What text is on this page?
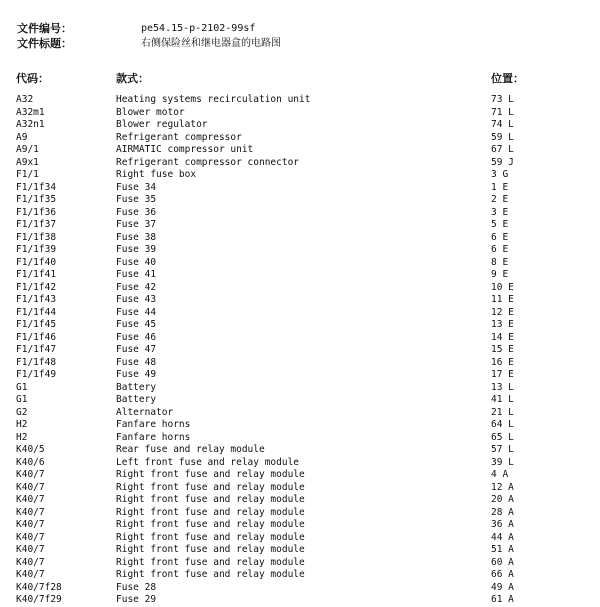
文件编号：	pe54.15-p-2102-99sf
文件标题：	右侧保险丝和继电器盒的电路图
代码：	款式：	位置：
A32	Heating systems recirculation unit	73 L
A32m1	Blower motor	71 L
A32n1	Blower regulator	74 L
A9	Refrigerant compressor	59 L
A9/1	AIRMATIC compressor unit	67 L
A9x1	Refrigerant compressor connector	59 J
F1/1	Right fuse box	3 G
F1/1f34	Fuse 34	1 E
F1/1f35	Fuse 35	2 E
F1/1f36	Fuse 36	3 E
F1/1f37	Fuse 37	5 E
F1/1f38	Fuse 38	6 E
F1/1f39	Fuse 39	6 E
F1/1f40	Fuse 40	8 E
F1/1f41	Fuse 41	9 E
F1/1f42	Fuse 42	10 E
F1/1f43	Fuse 43	11 E
F1/1f44	Fuse 44	12 E
F1/1f45	Fuse 45	13 E
F1/1f46	Fuse 46	14 E
F1/1f47	Fuse 47	15 E
F1/1f48	Fuse 48	16 E
F1/1f49	Fuse 49	17 E
G1	Battery	13 L
G1	Battery	41 L
G2	Alternator	21 L
H2	Fanfare horns	64 L
H2	Fanfare horns	65 L
K40/5	Rear fuse and relay module	57 L
K40/6	Left front fuse and relay module	39 L
K40/7	Right front fuse and relay module	4 A
K40/7	Right front fuse and relay module	12 A
K40/7	Right front fuse and relay module	20 A
K40/7	Right front fuse and relay module	28 A
K40/7	Right front fuse and relay module	36 A
K40/7	Right front fuse and relay module	44 A
K40/7	Right front fuse and relay module	51 A
K40/7	Right front fuse and relay module	60 A
K40/7	Right front fuse and relay module	66 A
K40/7f28	Fuse 28	49 A
K40/7f29	Fuse 29	61 A
